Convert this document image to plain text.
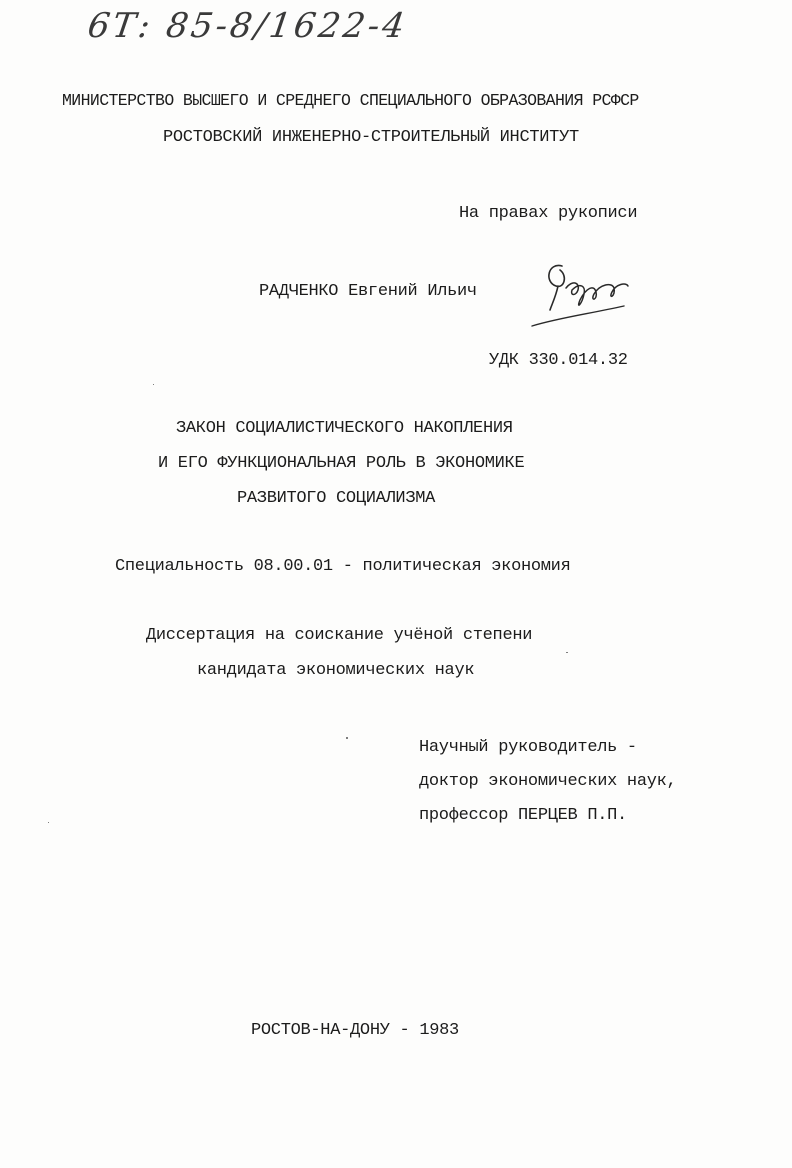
6Т: 85-8/1622-4
МИНИСТЕРСТВО ВЫСШЕГО И СРЕДНЕГО СПЕЦИАЛЬНОГО ОБРАЗОВАНИЯ РСФСР
РОСТОВСКИЙ ИНЖЕНЕРНО-СТРОИТЕЛЬНЫЙ ИНСТИТУТ
На правах рукописи
РАДЧЕНКО Евгений Ильич
УДК 330.014.32
ЗАКОН СОЦИАЛИСТИЧЕСКОГО НАКОПЛЕНИЯ
И ЕГО ФУНКЦИОНАЛЬНАЯ РОЛЬ В ЭКОНОМИКЕ
РАЗВИТОГО СОЦИАЛИЗМА
Специальность 08.00.01 - политическая экономия
Диссертация на соискание учёной степени
кандидата экономических наук
Научный руководитель -
доктор экономических наук,
профессор ПЕРЦЕВ П.П.
РОСТОВ-НА-ДОНУ - 1983
